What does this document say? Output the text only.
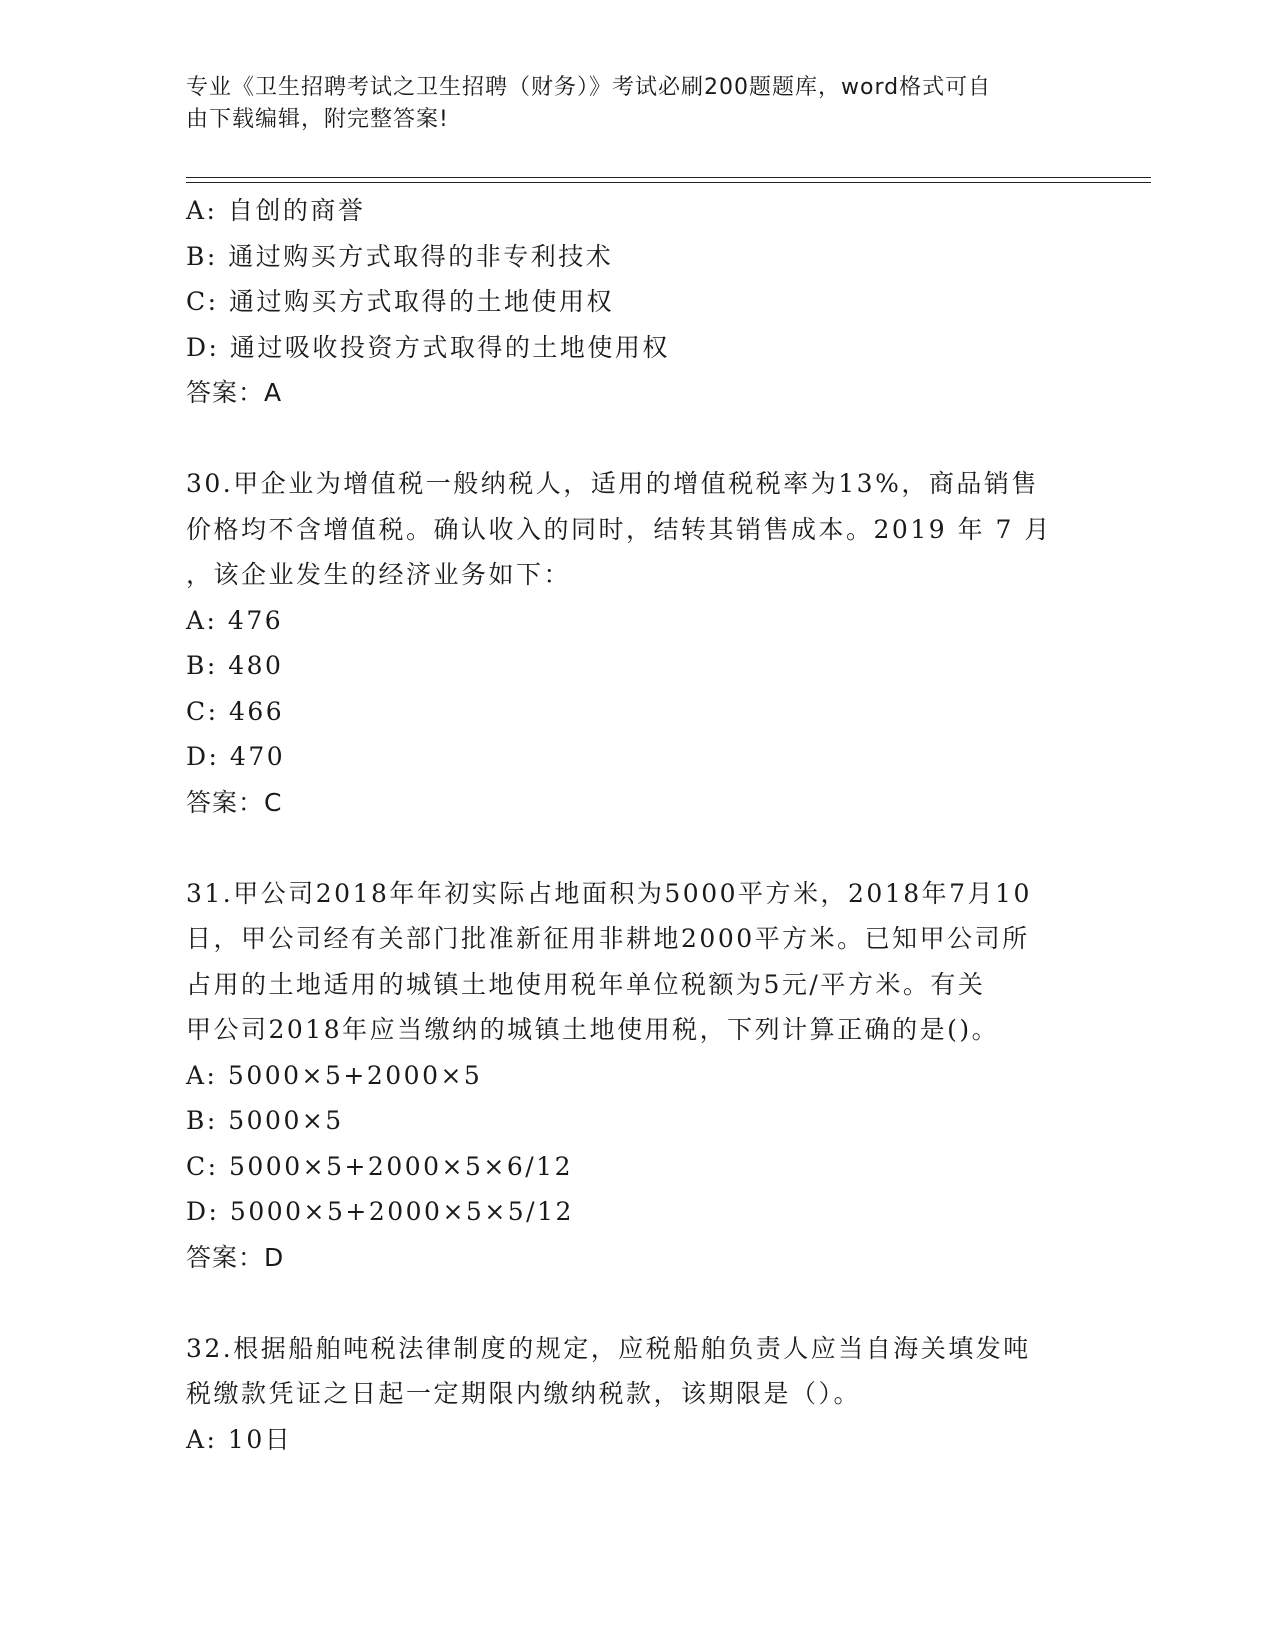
专业《卫生招聘考试之卫生招聘（财务）》考试必刷200题题库，word格式可自
由下载编辑，附完整答案!
A: 自创的商誉
B: 通过购买方式取得的非专利技术
C: 通过购买方式取得的土地使用权
D: 通过吸收投资方式取得的土地使用权
答案：A
30.甲企业为增值税一般纳税人，适用的增值税税率为13%，商品销售
价格均不含增值税。确认收入的同时，结转其销售成本。2019 年 7 月
，该企业发生的经济业务如下：
A: 476
B: 480
C: 466
D: 470
答案：C
31.甲公司2018年年初实际占地面积为5000平方米，2018年7月10
日，甲公司经有关部门批准新征用非耕地2000平方米。已知甲公司所
占用的土地适用的城镇土地使用税年单位税额为5元/平方米。有关
甲公司2018年应当缴纳的城镇土地使用税，下列计算正确的是()。
A: 5000×5+2000×5
B: 5000×5
C: 5000×5+2000×5×6/12
D: 5000×5+2000×5×5/12
答案：D
32.根据船舶吨税法律制度的规定，应税船舶负责人应当自海关填发吨
税缴款凭证之日起一定期限内缴纳税款，该期限是（）。
A: 10日
